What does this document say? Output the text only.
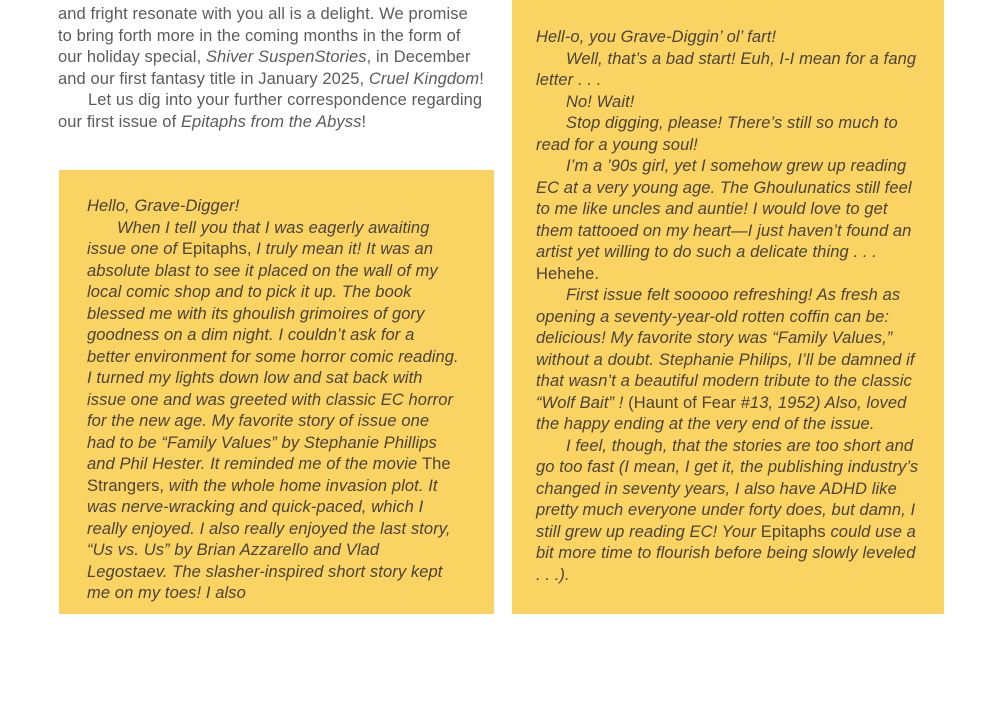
and fright resonate with you all is a delight. We promise to bring forth more in the coming months in the form of our holiday special, Shiver SuspenStories, in December and our first fantasy title in January 2025, Cruel Kingdom!

Let us dig into your further correspondence regarding our first issue of Epitaphs from the Abyss!

Hello, Grave-Digger!

When I tell you that I was eagerly awaiting issue one of Epitaphs, I truly mean it! It was an absolute blast to see it placed on the wall of my local comic shop and to pick it up. The book blessed me with its ghoulish grimoires of gory goodness on a dim night. I couldn’t ask for a better environment for some horror comic reading. I turned my lights down low and sat back with issue one and was greeted with classic EC horror for the new age. My favorite story of issue one had to be “Family Values” by Stephanie Phillips and Phil Hester. It reminded me of the movie The Strangers, with the whole home invasion plot. It was nerve-wracking and quick-paced, which I really enjoyed. I also really enjoyed the last story, “Us vs. Us” by Brian Azzarello and Vlad Legostaev. The slasher-inspired short story kept me on my toes! I also

Hell-o, you Grave-Diggin’ ol’ fart!

Well, that’s a bad start! Euh, I-I mean for a fang letter . . .

No! Wait!

Stop digging, please! There’s still so much to read for a young soul!

I’m a ’90s girl, yet I somehow grew up reading EC at a very young age. The Ghoulunatics still feel to me like uncles and auntie! I would love to get them tattooed on my heart—I just haven’t found an artist yet willing to do such a delicate thing . . . Hehehe.

First issue felt sooooo refreshing! As fresh as opening a seventy-year-old rotten coffin can be: delicious! My favorite story was “Family Values,” without a doubt. Stephanie Philips, I’ll be damned if that wasn’t a beautiful modern tribute to the classic “Wolf Bait” ! (Haunt of Fear #13, 1952) Also, loved the happy ending at the very end of the issue.

I feel, though, that the stories are too short and go too fast (I mean, I get it, the publishing industry’s changed in seventy years, I also have ADHD like pretty much everyone under forty does, but damn, I still grew up reading EC! Your Epitaphs could use a bit more time to flourish before being slowly leveled . . .).
